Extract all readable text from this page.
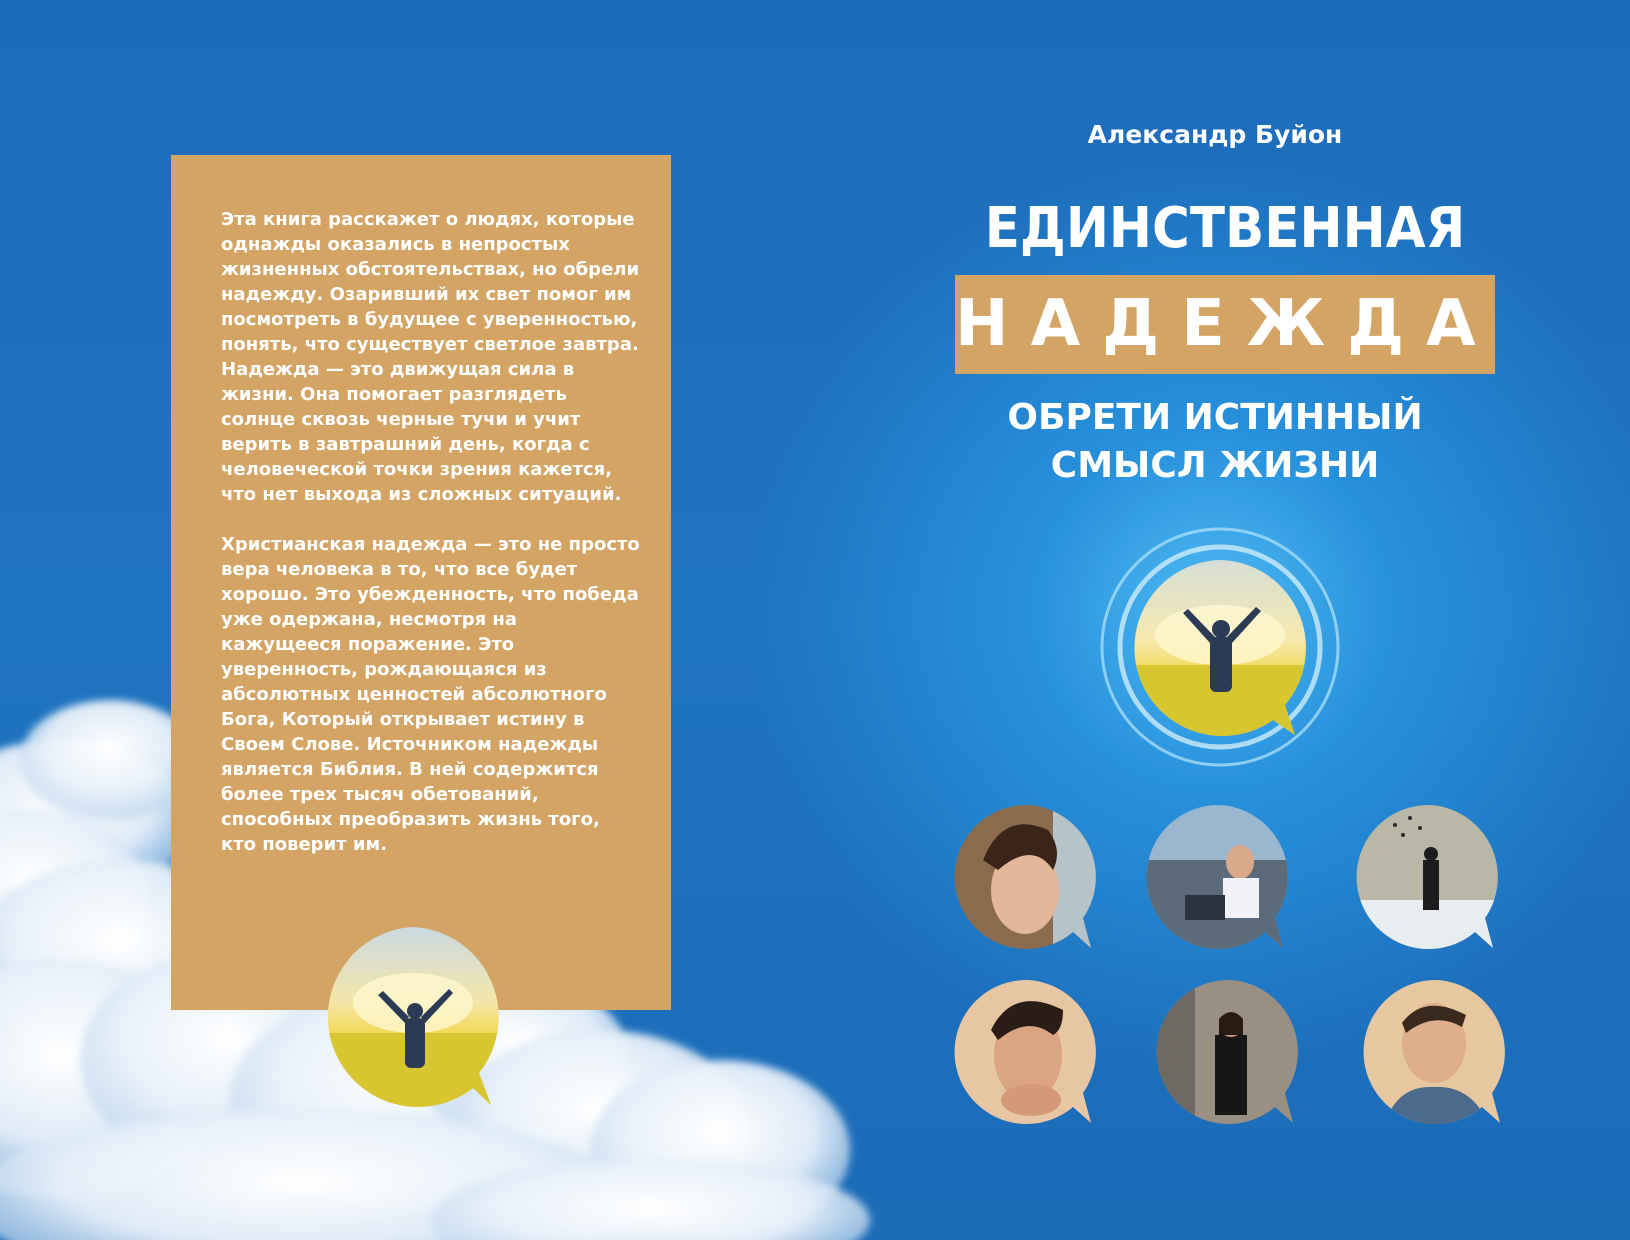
Эта книга расскажет о людях, которые однажды оказались в непростых жизненных обстоятельствах, но обрели надежду. Озаривший их свет помог им посмотреть в будущее с уверенностью, понять, что существует светлое завтра. Надежда — это движущая сила в жизни. Она помогает разглядеть солнце сквозь черные тучи и учит верить в завтрашний день, когда с человеческой точки зрения кажется, что нет выхода из сложных ситуаций.

Христианская надежда — это не просто вера человека в то, что все будет хорошо. Это убежденность, что победа уже одержана, несмотря на кажущееся поражение. Это уверенность, рождающаяся из абсолютных ценностей абсолютного Бога, Который открывает истину в Своем Слове. Источником надежды является Библия. В ней содержится более трех тысяч обетований, способных преобразить жизнь того, кто поверит им.

Александр Буйон
ЕДИНСТВЕННАЯ
НАДЕЖДА
ОБРЕТИ ИСТИННЫЙ
СМЫСЛ ЖИЗНИ
